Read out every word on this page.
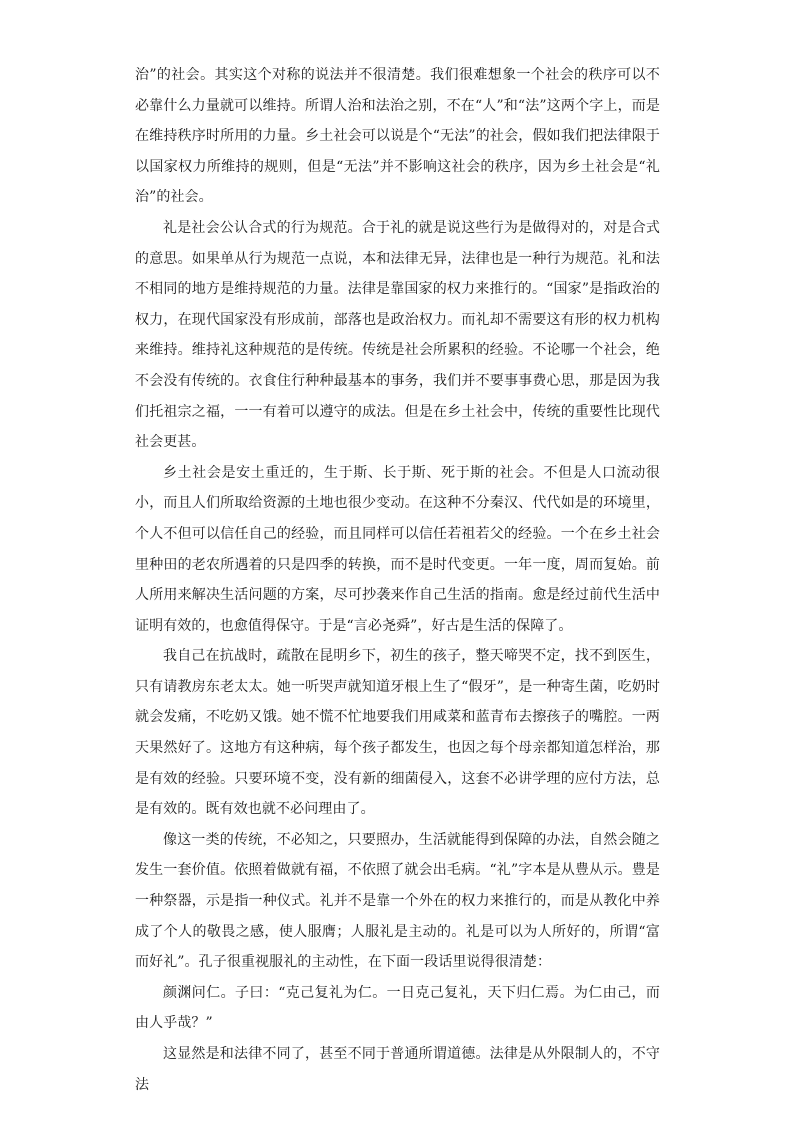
治”的社会。其实这个对称的说法并不很清楚。我们很难想象一个社会的秩序可以不必靠什么力量就可以维持。所谓人治和法治之别，不在“人”和“法”这两个字上，而是在维持秩序时所用的力量。乡土社会可以说是个“无法”的社会，假如我们把法律限于以国家权力所维持的规则，但是“无法”并不影响这社会的秩序，因为乡土社会是“礼治”的社会。

礼是社会公认合式的行为规范。合于礼的就是说这些行为是做得对的，对是合式的意思。如果单从行为规范一点说，本和法律无异，法律也是一种行为规范。礼和法不相同的地方是维持规范的力量。法律是靠国家的权力来推行的。“国家”是指政治的权力，在现代国家没有形成前，部落也是政治权力。而礼却不需要这有形的权力机构来维持。维持礼这种规范的是传统。传统是社会所累积的经验。不论哪一个社会，绝不会没有传统的。衣食住行种种最基本的事务，我们并不要事事费心思，那是因为我们托祖宗之福，一一有着可以遵守的成法。但是在乡土社会中，传统的重要性比现代社会更甚。

乡土社会是安土重迁的，生于斯、长于斯、死于斯的社会。不但是人口流动很小，而且人们所取给资源的土地也很少变动。在这种不分秦汉、代代如是的环境里，个人不但可以信任自己的经验，而且同样可以信任若祖若父的经验。一个在乡土社会里种田的老农所遇着的只是四季的转换，而不是时代变更。一年一度，周而复始。前人所用来解决生活问题的方案，尽可抄袭来作自己生活的指南。愈是经过前代生活中证明有效的，也愈值得保守。于是“言必尧舜”，好古是生活的保障了。

我自己在抗战时，疏散在昆明乡下，初生的孩子，整天啼哭不定，找不到医生，只有请教房东老太太。她一听哭声就知道牙根上生了“假牙”，是一种寄生菌，吃奶时就会发痛，不吃奶又饿。她不慌不忙地要我们用咸菜和蓝青布去擦孩子的嘴腔。一两天果然好了。这地方有这种病，每个孩子都发生，也因之每个母亲都知道怎样治，那是有效的经验。只要环境不变，没有新的细菌侵入，这套不必讲学理的应付方法，总是有效的。既有效也就不必问理由了。

像这一类的传统，不必知之，只要照办，生活就能得到保障的办法，自然会随之发生一套价值。依照着做就有福，不依照了就会出毛病。“礼”字本是从豊从示。豊是一种祭器，示是指一种仪式。礼并不是靠一个外在的权力来推行的，而是从教化中养成了个人的敬畏之感，使人服膺；人服礼是主动的。礼是可以为人所好的，所谓“富而好礼”。孔子很重视服礼的主动性，在下面一段话里说得很清楚：

颜渊问仁。子曰：“克己复礼为仁。一日克己复礼，天下归仁焉。为仁由己，而由人乎哉？”

这显然是和法律不同了，甚至不同于普通所谓道德。法律是从外限制人的，不守法
